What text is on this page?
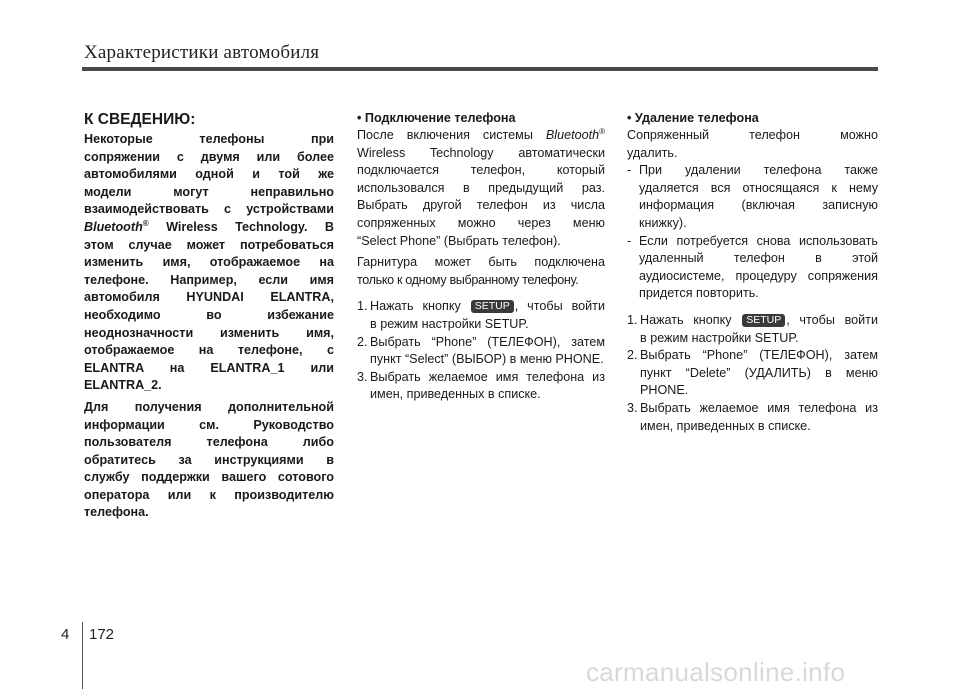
Характеристики автомобиля
К СВЕДЕНИЮ:
Некоторые телефоны при
сопряжении с двумя или более
автомобилями одной и той же
модели могут неправильно
взаимодействовать с устройствами
Bluetooth® Wireless Technology. В
этом случае может потребоваться
изменить имя, отображаемое на
телефоне. Например, если имя
автомобиля HYUNDAI ELANTRA,
необходимо во избежание
неоднозначности изменить имя,
отображаемое на телефоне, с
ELANTRA на ELANTRA_1 или
ELANTRA_2.
Для получения дополнительной
информации см. Руководство
пользователя телефона либо
обратитесь за инструкциями в
службу поддержки вашего сотового
оператора или к производителю
телефона.
• Подключение телефона
После включения системы Bluetooth®
Wireless Technology автоматически
подключается телефон, который
использовался в предыдущий раз.
Выбрать другой телефон из числа
сопряженных можно через меню
“Select Phone” (Выбрать телефон).
Гарнитура может быть подключена
только к одному выбранному телефону.
1. Нажать кнопку SETUP , чтобы войти
в режим настройки SETUP.
2. Выбрать “Phone” (ТЕЛЕФОН), затем пункт “Select” (ВЫБОР) в меню PHONE.
3. Выбрать желаемое имя телефона из имен, приведенных в списке.
• Удаление телефона
Сопряженный телефон можно
удалить.
- При удалении телефона также удаляется вся относящаяся к нему информация (включая записную книжку).
- Если потребуется снова использовать удаленный телефон в этой аудиосистеме, процедуру сопряжения придется повторить.
1. Нажать кнопку SETUP , чтобы войти
в режим настройки SETUP.
2. Выбрать “Phone” (ТЕЛЕФОН), затем пункт “Delete” (УДАЛИТЬ) в меню PHONE.
3. Выбрать желаемое имя телефона из имен, приведенных в списке.
4 172
carmanualsonline.info
